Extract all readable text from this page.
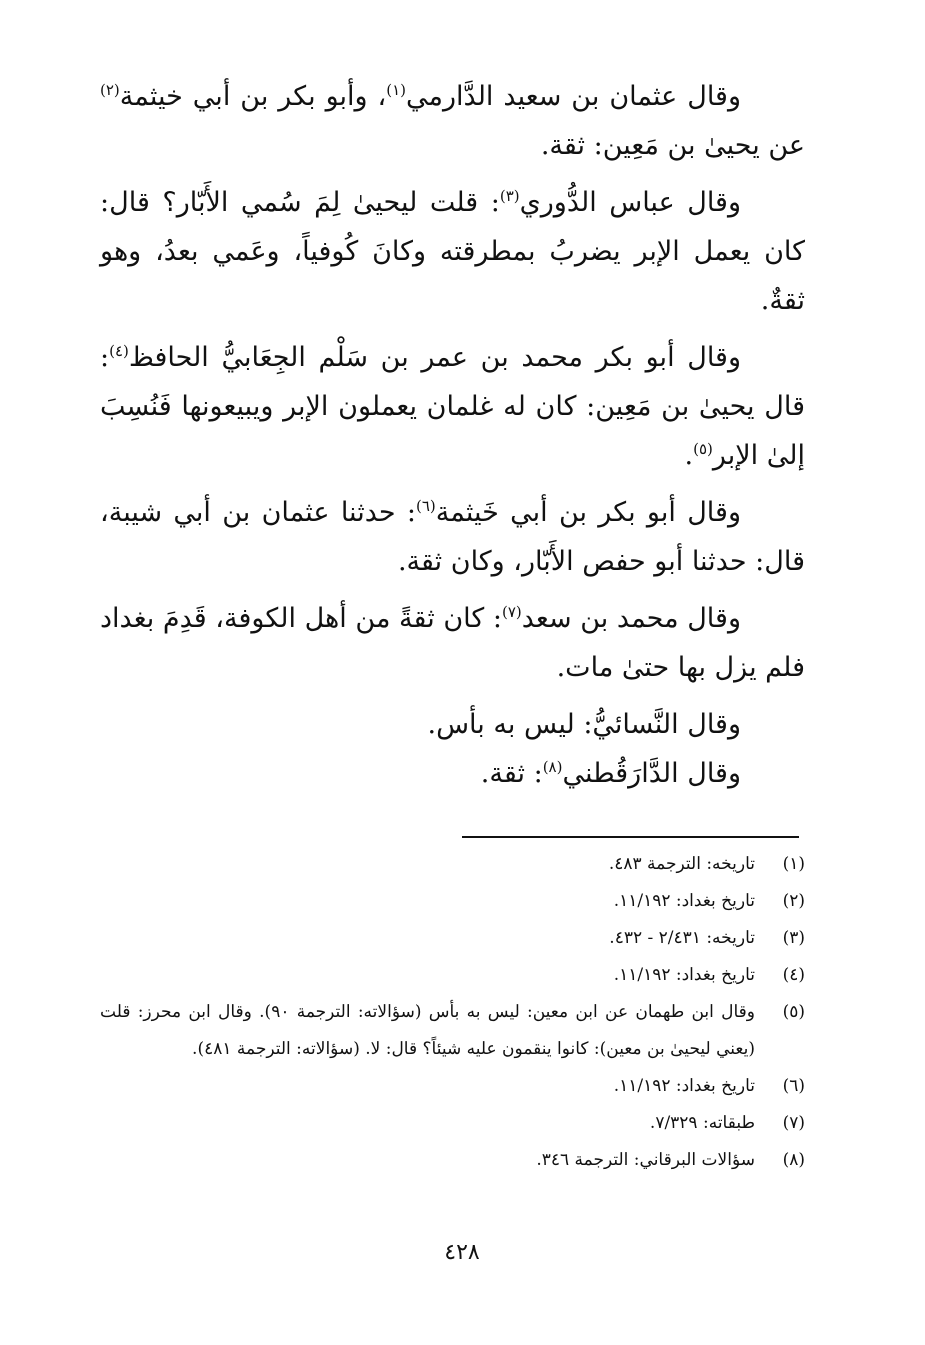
وقال عثمان بن سعيد الدَّارمي$^{(١)}$، وأبو بكر بن أبي خيثمة$^{(٢)}$ عن يحيىٰ بن مَعِين: ثقة.

وقال عباس الدُّوري$^{(٣)}$: قلت ليحيىٰ لِمَ سُمي الأَبّار؟ قال: كان يعمل الإبر يضربُ بمطرقته وكانَ كُوفياً، وعَمي بعدُ، وهو ثقةٌ.

وقال أبو بكر محمد بن عمر بن سَلْم الجِعَابيُّ الحافظ$^{(٤)}$: قال يحيىٰ بن مَعِين: كان له غلمان يعملون الإبر ويبيعونها فَنُسِبَ إلىٰ الإبر$^{(٥)}$.

وقال أبو بكر بن أبي خَيثمة$^{(٦)}$: حدثنا عثمان بن أبي شيبة، قال: حدثنا أبو حفص الأَبّار، وكان ثقة.

وقال محمد بن سعد$^{(٧)}$: كان ثقةً من أهل الكوفة، قَدِمَ بغداد فلم يزل بها حتىٰ مات.

وقال النَّسائيُّ: ليس به بأس.

وقال الدَّارَقُطني$^{(٨)}$: ثقة.

(١)
تاريخه: الترجمة ٤٨٣.
(٢)
تاريخ بغداد: ١١/١٩٢.
(٣)
تاريخه: ٢/٤٣١ - ٤٣٢.
(٤)
تاريخ بغداد: ١١/١٩٢.
(٥)
وقال ابن طهمان عن ابن معين: ليس به بأس (سؤالاته: الترجمة ٩٠). وقال ابن محرز: قلت (يعني ليحيىٰ بن معين): كانوا ينقمون عليه شيئاً؟ قال: لا. (سؤالاته: الترجمة ٤٨١).
(٦)
تاريخ بغداد: ١١/١٩٢.
(٧)
طبقاته: ٧/٣٢٩.
(٨)
سؤالات البرقاني: الترجمة ٣٤٦.
٤٢٨
